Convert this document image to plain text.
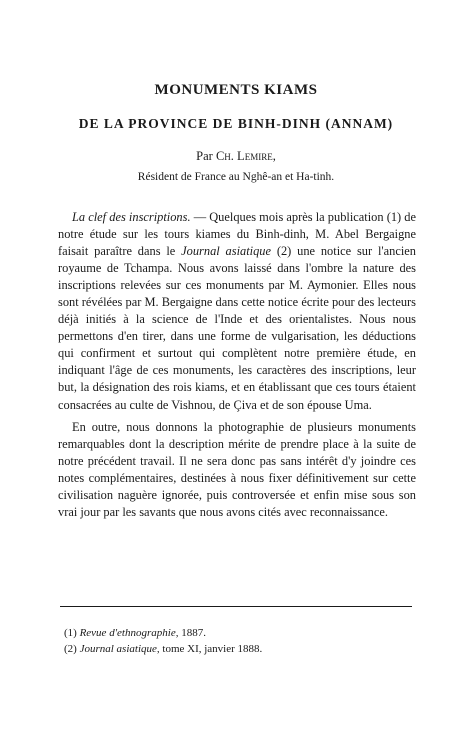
MONUMENTS KIAMS
DE LA PROVINCE DE BINH-DINH (ANNAM)
Par Ch. Lemire,
Résident de France au Nghê-an et Ha-tinh.

La clef des inscriptions. — Quelques mois après la publication (1) de notre étude sur les tours kiames du Binh-dinh, M. Abel Bergaigne faisait paraître dans le Journal asiatique (2) une notice sur l'ancien royaume de Tchampa. Nous avons laissé dans l'ombre la nature des inscriptions relevées sur ces monuments par M. Aymonier. Elles nous sont révélées par M. Bergaigne dans cette notice écrite pour des lecteurs déjà initiés à la science de l'Inde et des orientalistes. Nous nous permettons d'en tirer, dans une forme de vulgarisation, les déductions qui confirment et surtout qui complètent notre première étude, en indiquant l'âge de ces monuments, les caractères des inscriptions, leur but, la désignation des rois kiams, et en établissant que ces tours étaient consacrées au culte de Vishnou, de Çiva et de son épouse Uma.

En outre, nous donnons la photographie de plusieurs monuments remarquables dont la description mérite de prendre place à la suite de notre précédent travail. Il ne sera donc pas sans intérêt d'y joindre ces notes complémentaires, destinées à nous fixer définitivement sur cette civilisation naguère ignorée, puis controversée et enfin mise sous son vrai jour par les savants que nous avons cités avec reconnaissance.

(1) Revue d'ethnographie, 1887.
(2) Journal asiatique, tome XI, janvier 1888.
